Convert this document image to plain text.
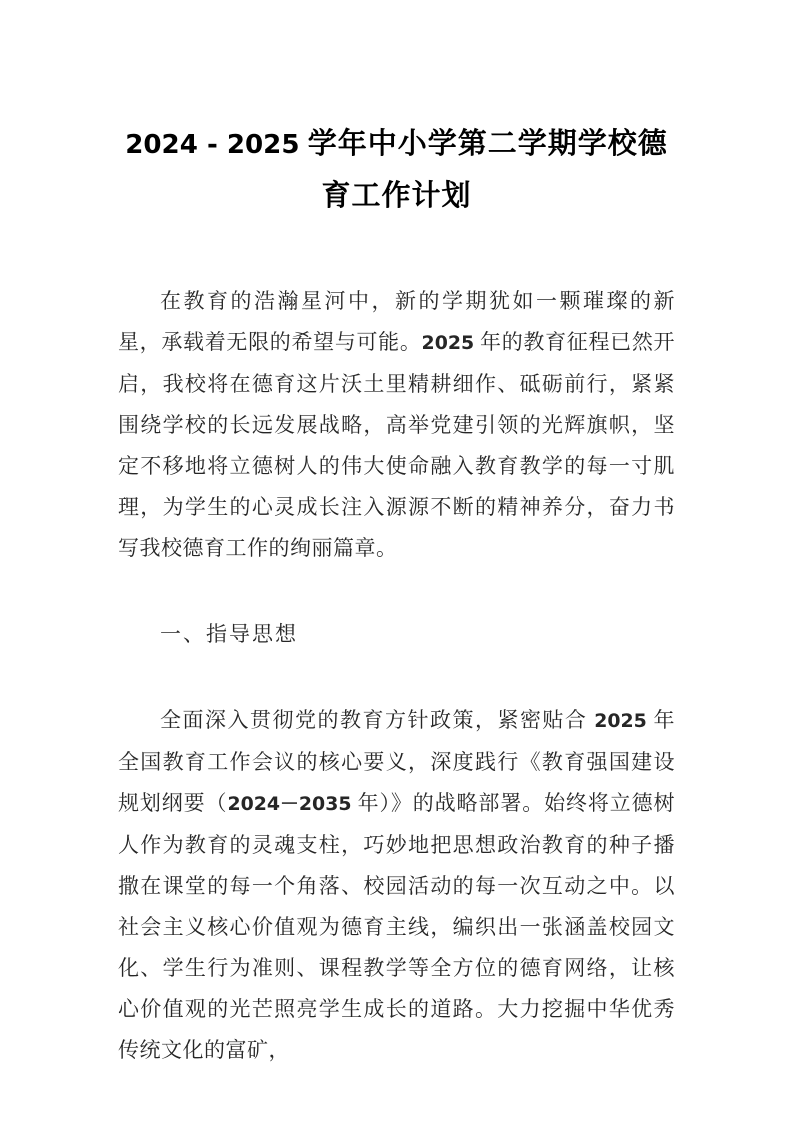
2024 - 2025 学年中小学第二学期学校德育工作计划

在教育的浩瀚星河中，新的学期犹如一颗璀璨的新星，承载着无限的希望与可能。2025 年的教育征程已然开启，我校将在德育这片沃土里精耕细作、砥砺前行，紧紧围绕学校的长远发展战略，高举党建引领的光辉旗帜，坚定不移地将立德树人的伟大使命融入教育教学的每一寸肌理，为学生的心灵成长注入源源不断的精神养分，奋力书写我校德育工作的绚丽篇章。

一、指导思想

全面深入贯彻党的教育方针政策，紧密贴合 2025 年全国教育工作会议的核心要义，深度践行《教育强国建设规划纲要（2024－2035 年）》的战略部署。始终将立德树人作为教育的灵魂支柱，巧妙地把思想政治教育的种子播撒在课堂的每一个角落、校园活动的每一次互动之中。以社会主义核心价值观为德育主线，编织出一张涵盖校园文化、学生行为准则、课程教学等全方位的德育网络，让核心价值观的光芒照亮学生成长的道路。大力挖掘中华优秀传统文化的富矿，
